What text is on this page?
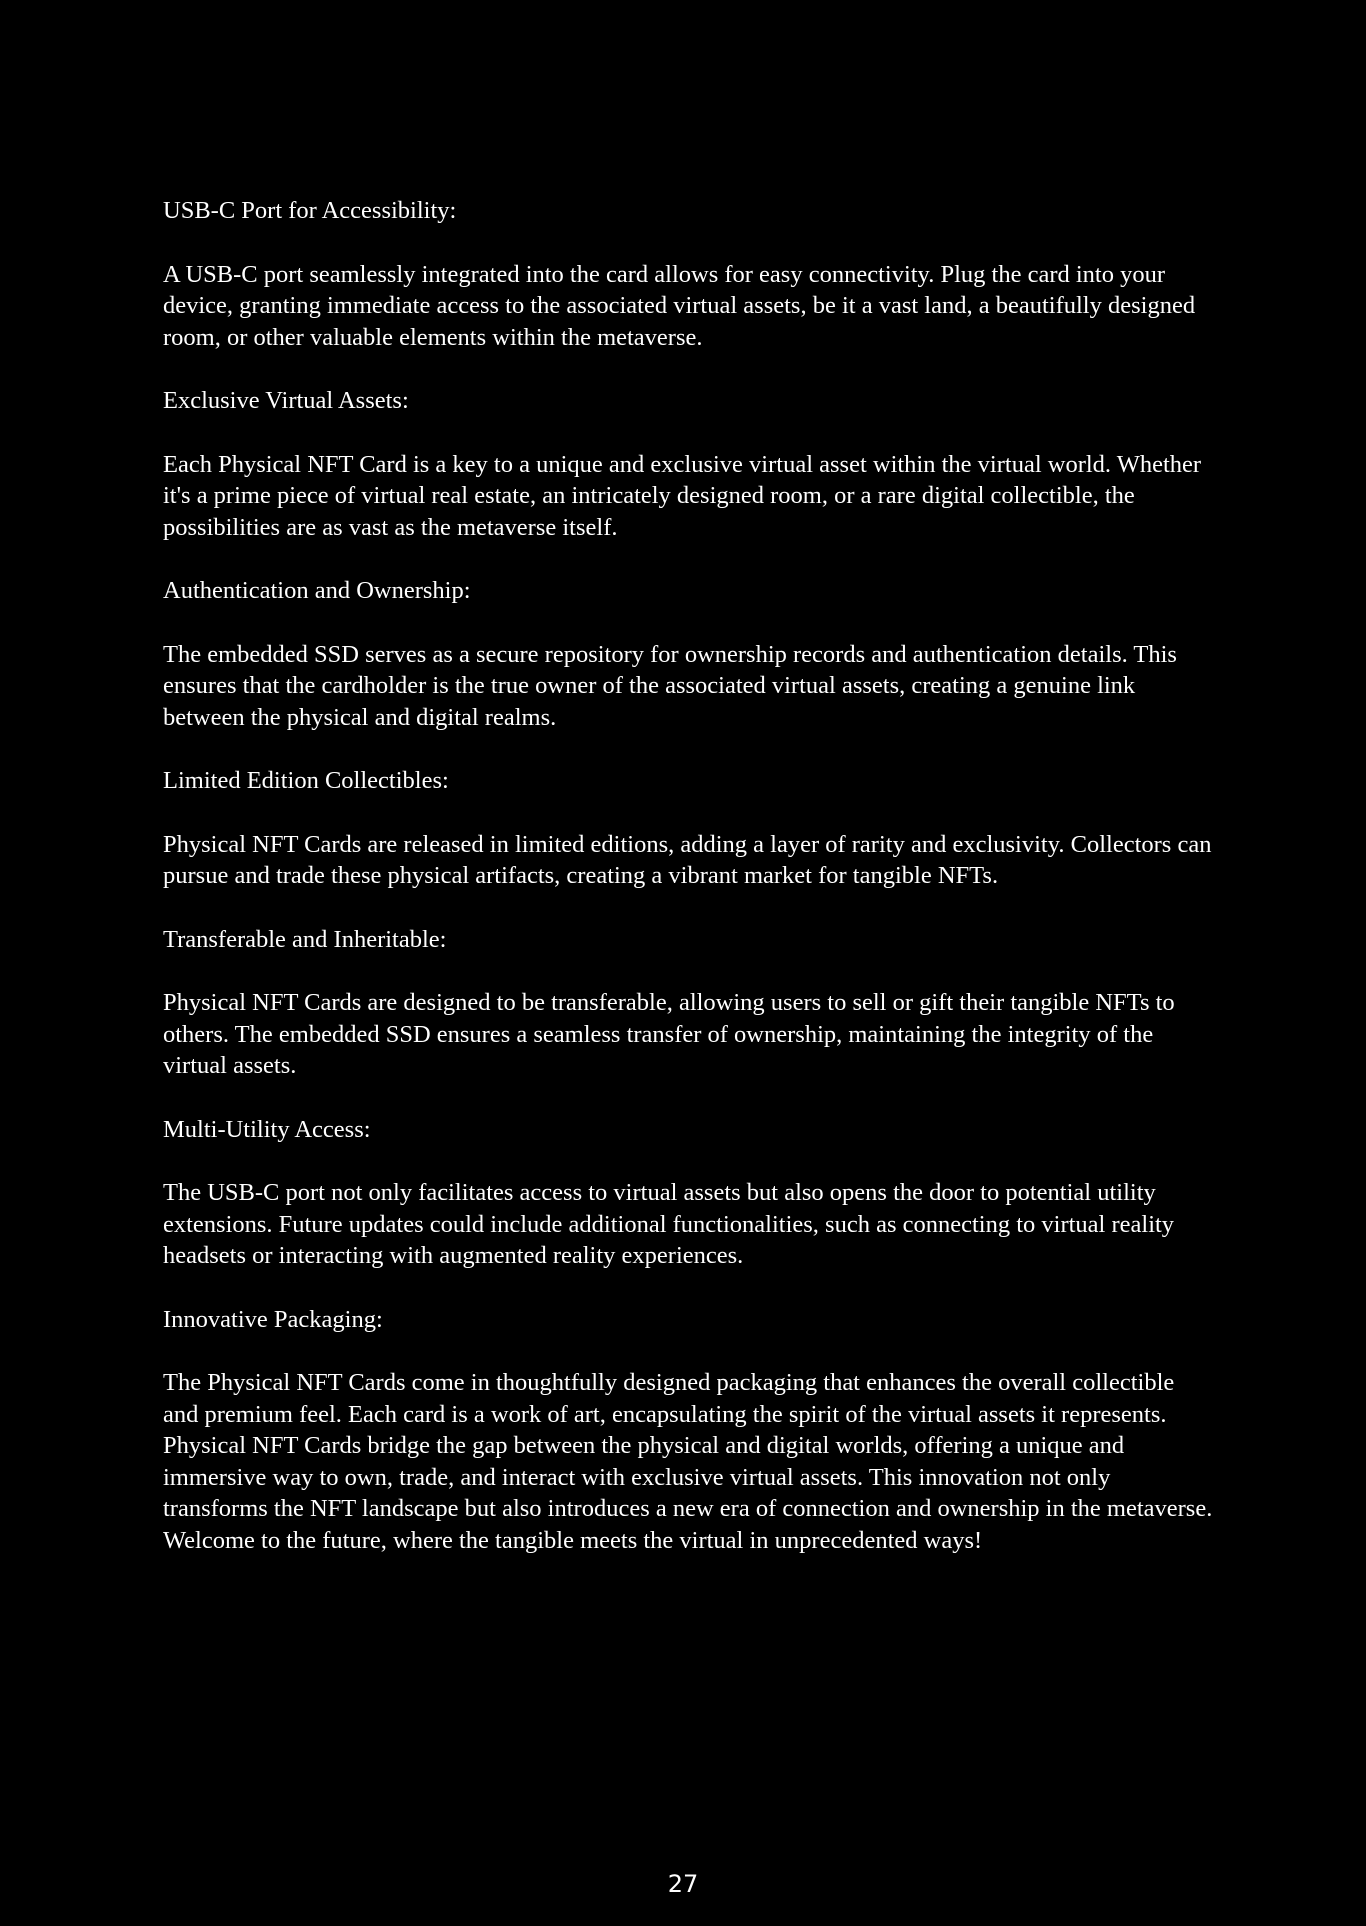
USB-C Port for Accessibility:

A USB-C port seamlessly integrated into the card allows for easy connectivity. Plug the card into your device, granting immediate access to the associated virtual assets, be it a vast land, a beautifully designed room, or other valuable elements within the metaverse.

Exclusive Virtual Assets:

Each Physical NFT Card is a key to a unique and exclusive virtual asset within the virtual world. Whether it's a prime piece of virtual real estate, an intricately designed room, or a rare digital collectible, the possibilities are as vast as the metaverse itself.

Authentication and Ownership:

The embedded SSD serves as a secure repository for ownership records and authentication details. This ensures that the cardholder is the true owner of the associated virtual assets, creating a genuine link between the physical and digital realms.

Limited Edition Collectibles:

Physical NFT Cards are released in limited editions, adding a layer of rarity and exclusivity. Collectors can pursue and trade these physical artifacts, creating a vibrant market for tangible NFTs.

Transferable and Inheritable:

Physical NFT Cards are designed to be transferable, allowing users to sell or gift their tangible NFTs to others. The embedded SSD ensures a seamless transfer of ownership, maintaining the integrity of the virtual assets.

Multi-Utility Access:

The USB-C port not only facilitates access to virtual assets but also opens the door to potential utility extensions. Future updates could include additional functionalities, such as connecting to virtual reality headsets or interacting with augmented reality experiences.

Innovative Packaging:

The Physical NFT Cards come in thoughtfully designed packaging that enhances the overall collectible and premium feel. Each card is a work of art, encapsulating the spirit of the virtual assets it represents.

Physical NFT Cards bridge the gap between the physical and digital worlds, offering a unique and immersive way to own, trade, and interact with exclusive virtual assets. This innovation not only transforms the NFT landscape but also introduces a new era of connection and ownership in the metaverse. Welcome to the future, where the tangible meets the virtual in unprecedented ways!

27
